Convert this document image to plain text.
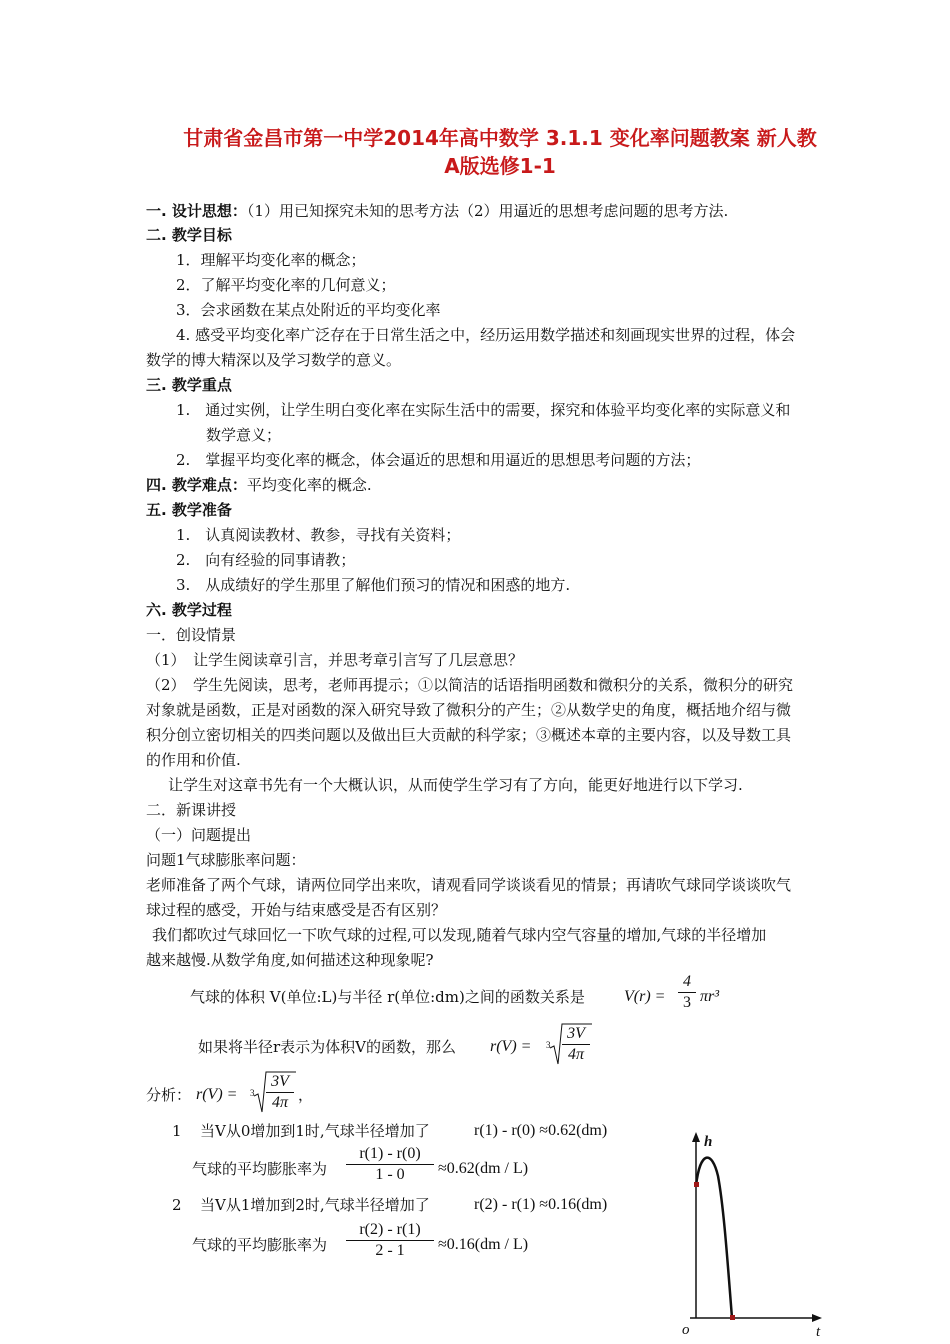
甘肃省金昌市第一中学2014年高中数学 3.1.1 变化率问题教案 新人教
A版选修1-1
一. 设计思想：（1）用已知探究未知的思考方法（2）用逼近的思想考虑问题的思考方法.
二. 教学目标
1．理解平均变化率的概念；
2．了解平均变化率的几何意义；
3．会求函数在某点处附近的平均变化率
4. 感受平均变化率广泛存在于日常生活之中，经历运用数学描述和刻画现实世界的过程，体会
数学的博大精深以及学习数学的意义。
三. 教学重点
1.　通过实例，让学生明白变化率在实际生活中的需要，探究和体验平均变化率的实际意义和
数学意义；
2.　掌握平均变化率的概念，体会逼近的思想和用逼近的思想思考问题的方法；
四. 教学难点：平均变化率的概念.
五. 教学准备
1.　认真阅读教材、教参，寻找有关资料；
2.　向有经验的同事请教；
3.　从成绩好的学生那里了解他们预习的情况和困惑的地方.
六. 教学过程
一．创设情景
（1）　让学生阅读章引言，并思考章引言写了几层意思？
（2）　学生先阅读，思考，老师再提示；①以简洁的话语指明函数和微积分的关系，微积分的研究
对象就是函数，正是对函数的深入研究导致了微积分的产生；②从数学史的角度，概括地介绍与微
积分创立密切相关的四类问题以及做出巨大贡献的科学家；③概述本章的主要内容，以及导数工具
的作用和价值.
让学生对这章书先有一个大概认识，从而使学生学习有了方向，能更好地进行以下学习.
二．新课讲授
（一）问题提出
问题1气球膨胀率问题：
老师准备了两个气球，请两位同学出来吹，请观看同学谈谈看见的情景；再请吹气球同学谈谈吹气
球过程的感受，开始与结束感受是否有区别？
我们都吹过气球回忆一下吹气球的过程,可以发现,随着气球内空气容量的增加,气球的半径增加
越来越慢.从数学角度,如何描述这种现象呢?
气球的体积 V(单位:L)与半径 r(单位:dm)之间的函数关系是 $V(r) = \frac{4}{3} \pi r^3$
如果将半径r表示为体积V的函数，那么 $r(V) = 3 \frac{3V}{4\pi}$
分析： $r(V) = 3 \frac{3V}{4\pi}$ ，
1 当V从0增加到1时,气球半径增加了	r(1) - r(0) ≈0.62(dm)
气球的平均膨胀率为 $\frac{r(1) - r(0)}{1 - 0} \approx 0.62(dm / L)$
2 当V从1增加到2时,气球半径增加了	r(2) - r(1) ≈0.16(dm)
气球的平均膨胀率为 $\frac{r(2) - r(1)}{2 - 1} \approx 0.16(dm / L)$
h
t
o
